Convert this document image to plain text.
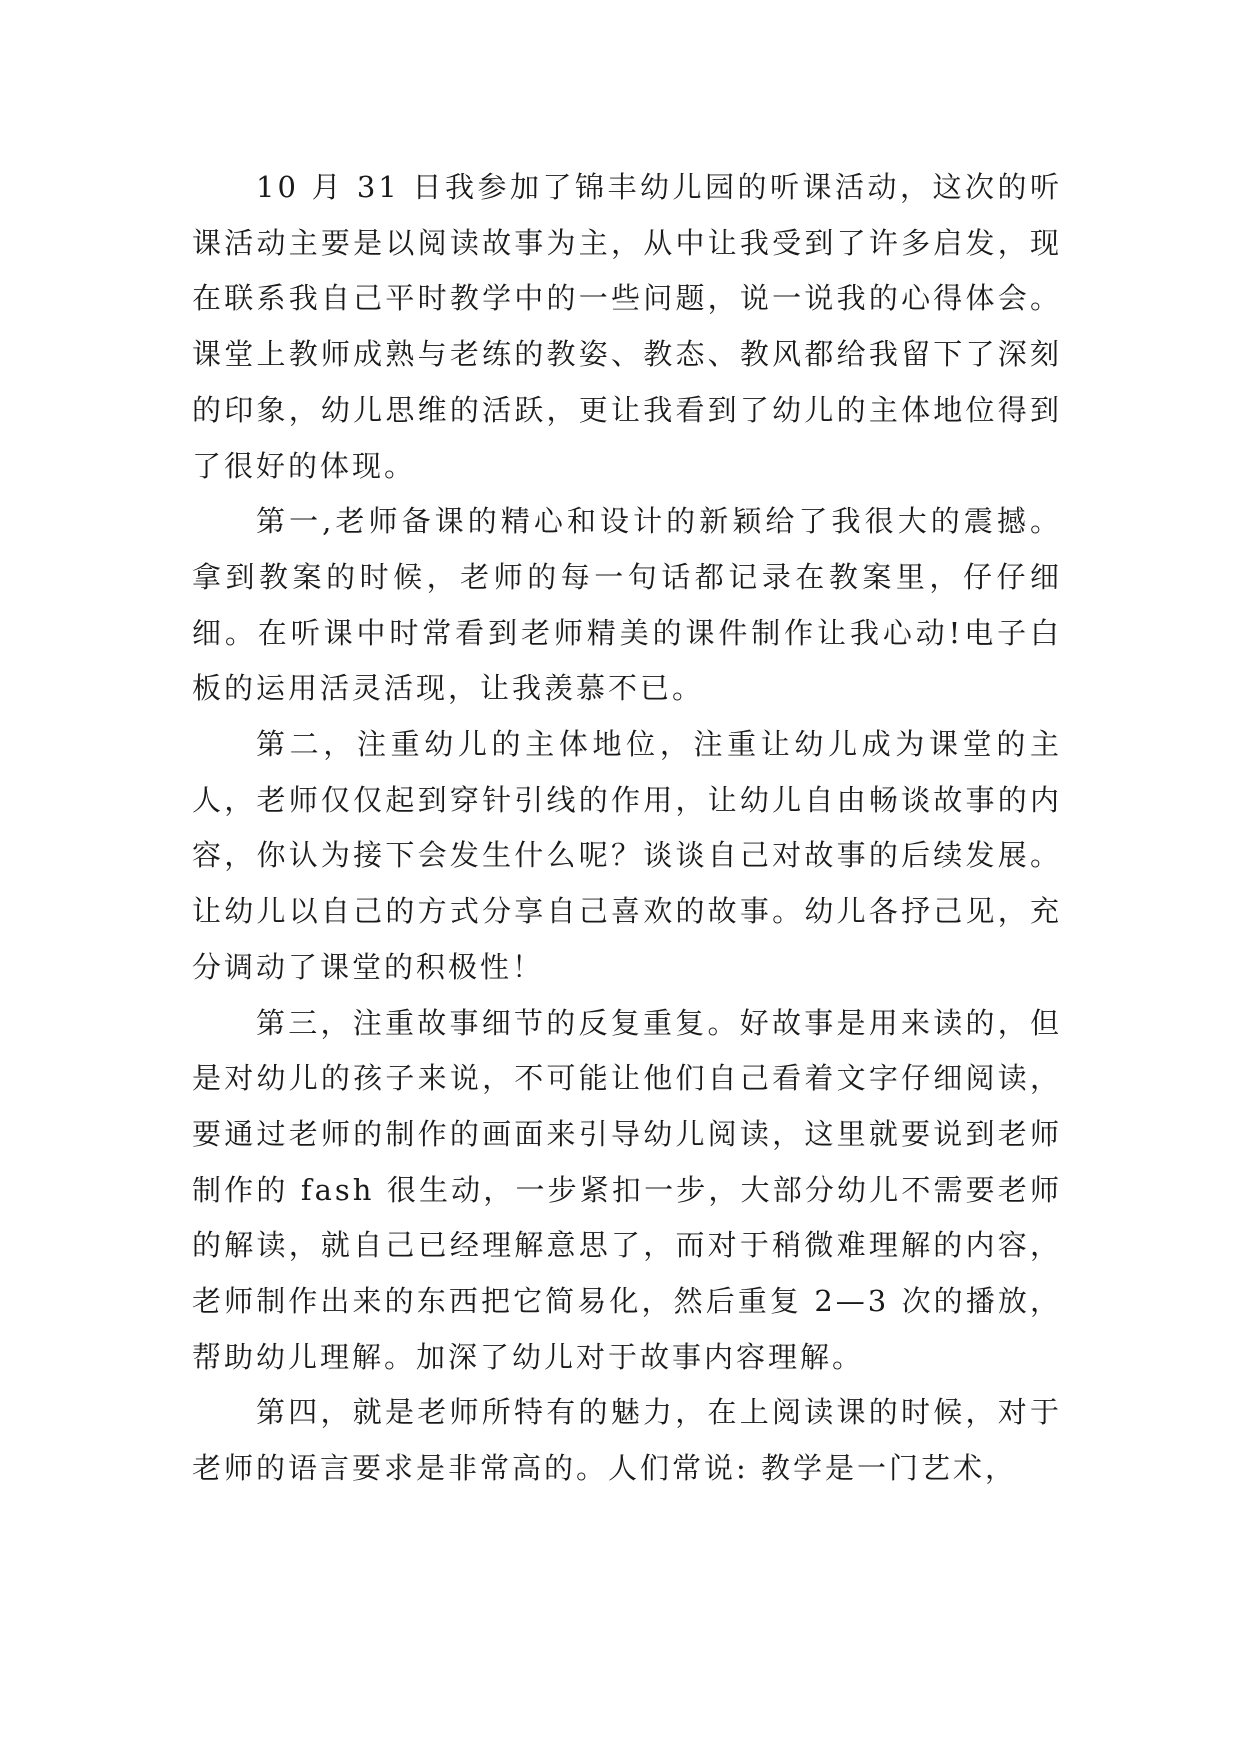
10 月 31 日我参加了锦丰幼儿园的听课活动，这次的听课活动主要是以阅读故事为主，从中让我受到了许多启发，现在联系我自己平时教学中的一些问题，说一说我的心得体会。课堂上教师成熟与老练的教姿、教态、教风都给我留下了深刻的印象，幼儿思维的活跃，更让我看到了幼儿的主体地位得到了很好的体现。

第一,老师备课的精心和设计的新颖给了我很大的震撼。拿到教案的时候，老师的每一句话都记录在教案里，仔仔细细。在听课中时常看到老师精美的课件制作让我心动!电子白板的运用活灵活现，让我羡慕不已。

第二，注重幼儿的主体地位，注重让幼儿成为课堂的主人，老师仅仅起到穿针引线的作用，让幼儿自由畅谈故事的内容，你认为接下会发生什么呢？谈谈自己对故事的后续发展。让幼儿以自己的方式分享自己喜欢的故事。幼儿各抒己见，充分调动了课堂的积极性！

第三，注重故事细节的反复重复。好故事是用来读的，但是对幼儿的孩子来说，不可能让他们自己看着文字仔细阅读，要通过老师的制作的画面来引导幼儿阅读，这里就要说到老师制作的 fash 很生动，一步紧扣一步，大部分幼儿不需要老师的解读，就自己已经理解意思了，而对于稍微难理解的内容，老师制作出来的东西把它简易化，然后重复 2—3 次的播放，帮助幼儿理解。加深了幼儿对于故事内容理解。

第四，就是老师所特有的魅力，在上阅读课的时候，对于老师的语言要求是非常高的。人们常说: 教学是一门艺术，
